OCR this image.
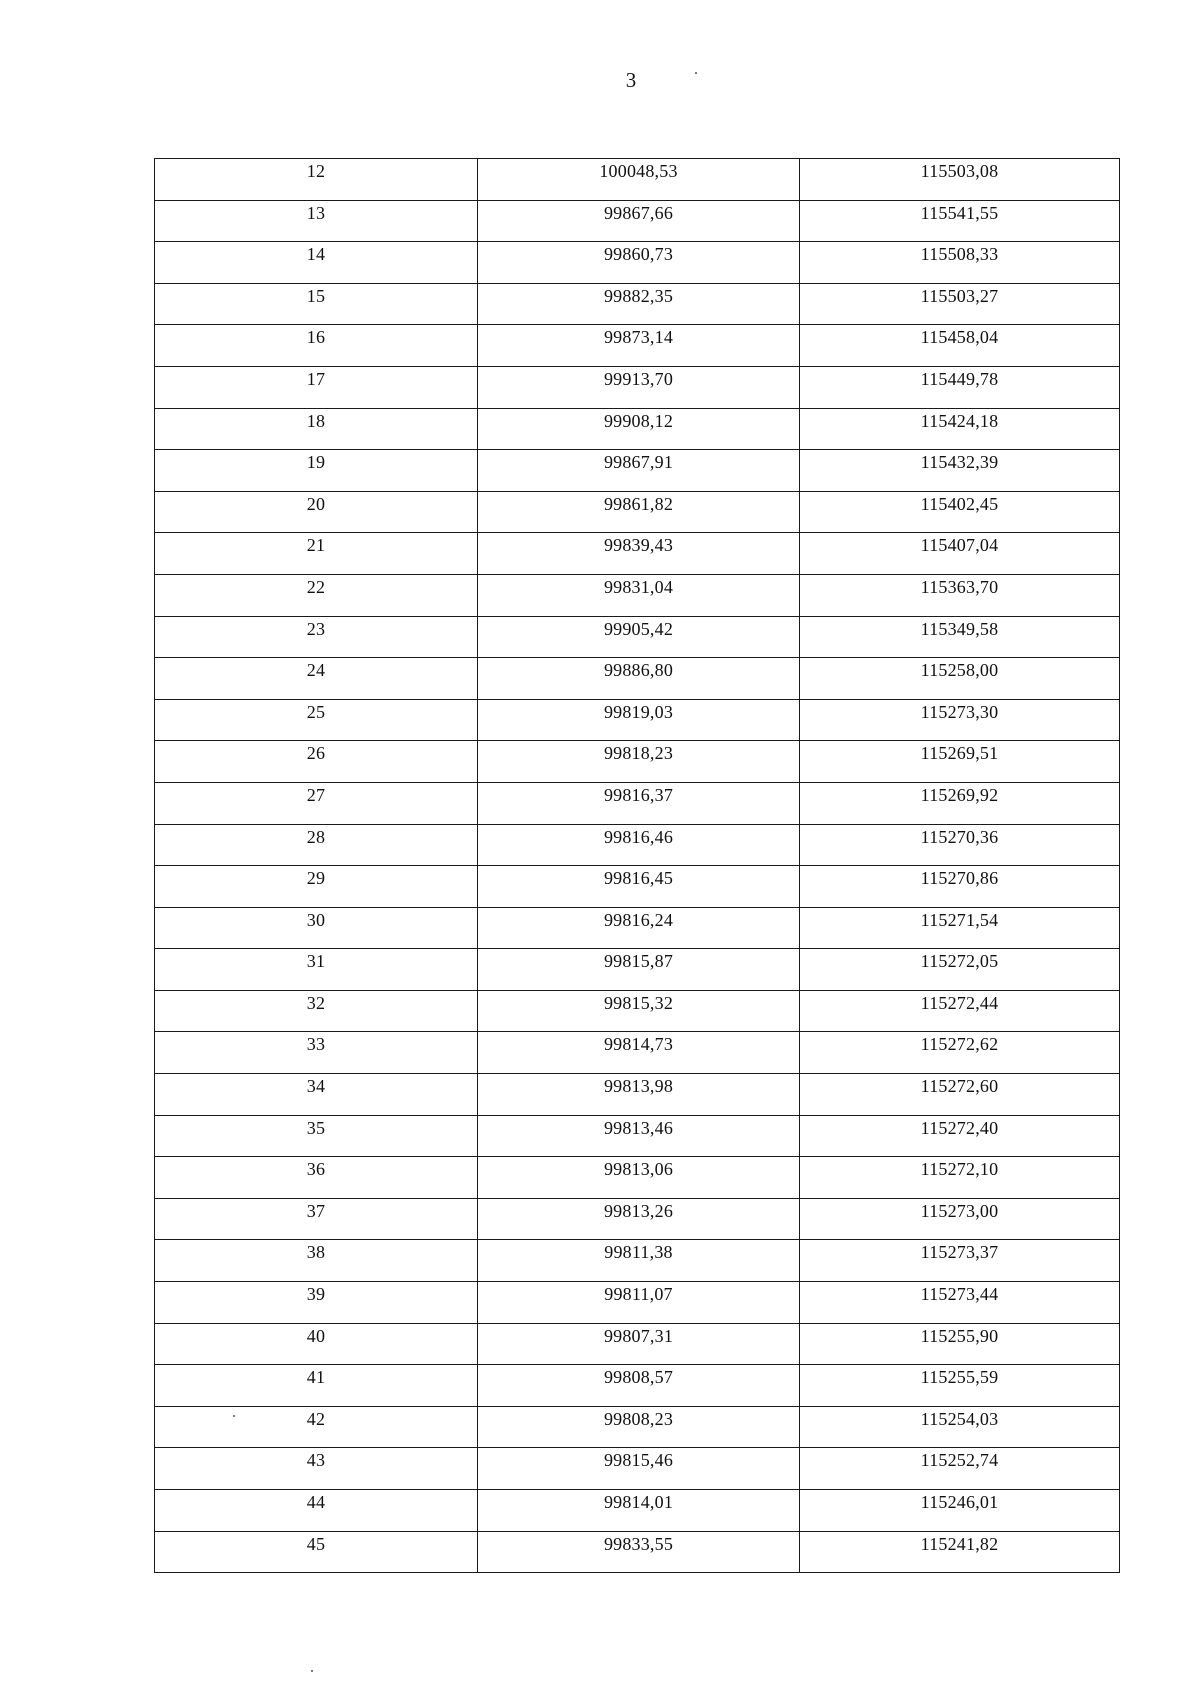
3
12	100048,53	115503,08
13	99867,66	115541,55
14	99860,73	115508,33
15	99882,35	115503,27
16	99873,14	115458,04
17	99913,70	115449,78
18	99908,12	115424,18
19	99867,91	115432,39
20	99861,82	115402,45
21	99839,43	115407,04
22	99831,04	115363,70
23	99905,42	115349,58
24	99886,80	115258,00
25	99819,03	115273,30
26	99818,23	115269,51
27	99816,37	115269,92
28	99816,46	115270,36
29	99816,45	115270,86
30	99816,24	115271,54
31	99815,87	115272,05
32	99815,32	115272,44
33	99814,73	115272,62
34	99813,98	115272,60
35	99813,46	115272,40
36	99813,06	115272,10
37	99813,26	115273,00
38	99811,38	115273,37
39	99811,07	115273,44
40	99807,31	115255,90
41	99808,57	115255,59
42	99808,23	115254,03
43	99815,46	115252,74
44	99814,01	115246,01
45	99833,55	115241,82
